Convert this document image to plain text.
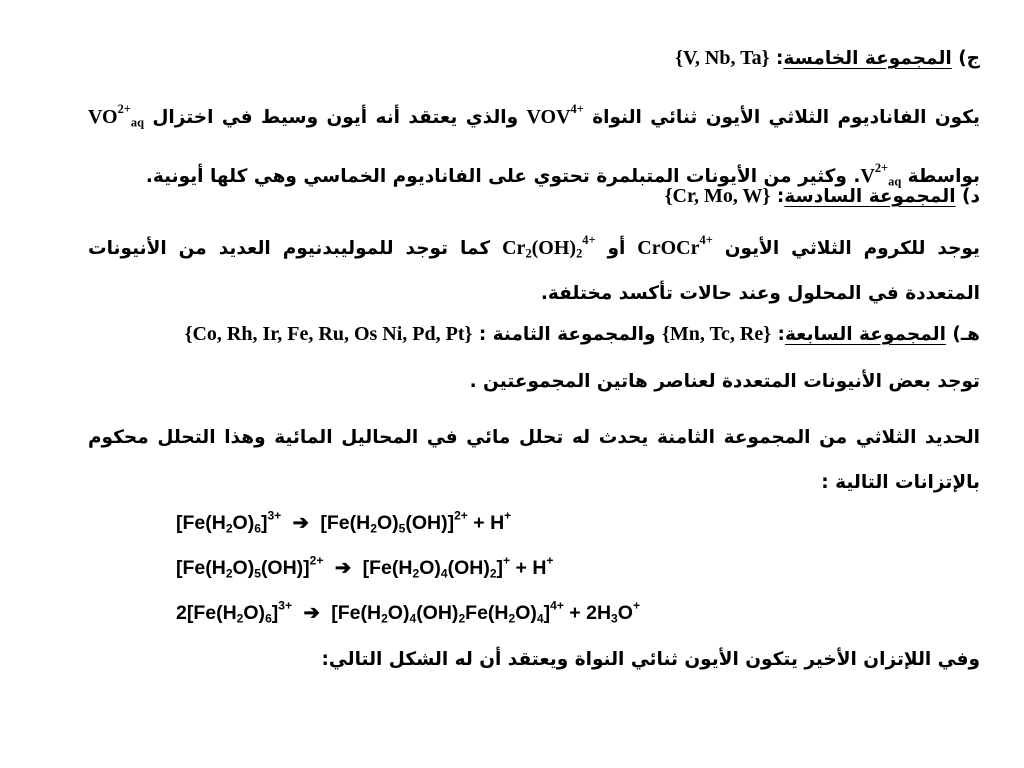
ج) المجموعة الخامسة: {V, Nb, Ta}
يكون الفاناديوم الثلاثي الأيون ثنائي النواة $VOV^{4+}$ والذي يعتقد أنه أيون وسيط في اختزال $VO^{2+}_{aq}$ بواسطة $V^{2+}_{aq}$. وكثير من الأيونات المتبلمرة تحتوي على الفاناديوم الخماسي وهي كلها أيونية.
د) المجموعة السادسة: {Cr, Mo, W}
يوجد للكروم الثلاثي الأيون CrOCr$^{4+}$ أو $Cr_2(OH)_2^{4+}$ كما توجد للموليبدنيوم العديد من الأنيونات المتعددة في المحلول وعند حالات تأكسد مختلفة.
هـ) المجموعة السابعة: {Mn, Tc, Re} والمجموعة الثامنة : {Co, Rh, Ir, Fe, Ru, Os Ni, Pd, Pt}
توجد بعض الأنيونات المتعددة لعناصر هاتين المجموعتين .
الحديد الثلاثي من المجموعة الثامنة يحدث له تحلل مائي في المحاليل المائية وهذا التحلل محكوم بالإتزانات التالية :
$[Fe(H_2O)_6]^{3+}$ ➔ $[Fe(H_2O)_5(OH)]^{2+} + H^+$
$[Fe(H_2O)_5(OH)]^{2+}$ ➔ $[Fe(H_2O)_4(OH)_2]^+ + H^+$
$2[Fe(H_2O)_6]^{3+}$ ➔ $[Fe(H_2O)_4(OH)_2Fe(H_2O)_4]^{4+} + 2H_3O^+$
وفي اللإتزان الأخير يتكون الأيون ثنائي النواة ويعتقد أن له الشكل التالي:
